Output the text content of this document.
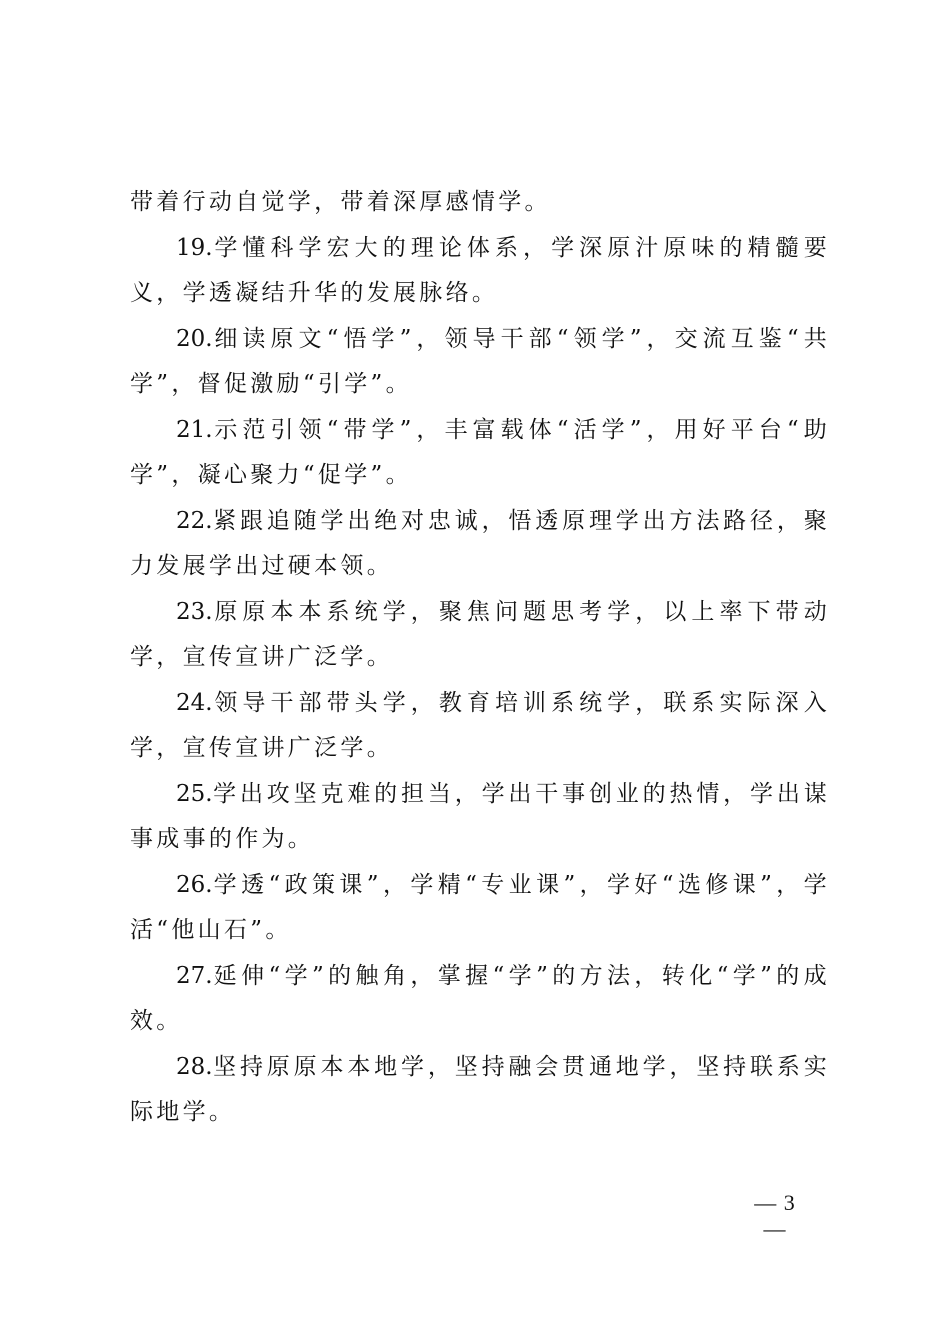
带着行动自觉学，带着深厚感情学。

19.学懂科学宏大的理论体系，学深原汁原味的精髓要义，学透凝结升华的发展脉络。

20.细读原文“悟学”，领导干部“领学”，交流互鉴“共学”，督促激励“引学”。

21.示范引领“带学”，丰富载体“活学”，用好平台“助学”，凝心聚力“促学”。

22.紧跟追随学出绝对忠诚，悟透原理学出方法路径，聚力发展学出过硬本领。

23.原原本本系统学，聚焦问题思考学，以上率下带动学，宣传宣讲广泛学。

24.领导干部带头学，教育培训系统学，联系实际深入学，宣传宣讲广泛学。

25.学出攻坚克难的担当，学出干事创业的热情，学出谋事成事的作为。

26.学透“政策课”，学精“专业课”，学好“选修课”，学活“他山石”。

27.延伸“学”的触角，掌握“学”的方法，转化“学”的成效。

28.坚持原原本本地学，坚持融会贯通地学，坚持联系实际地学。

— 3 —
